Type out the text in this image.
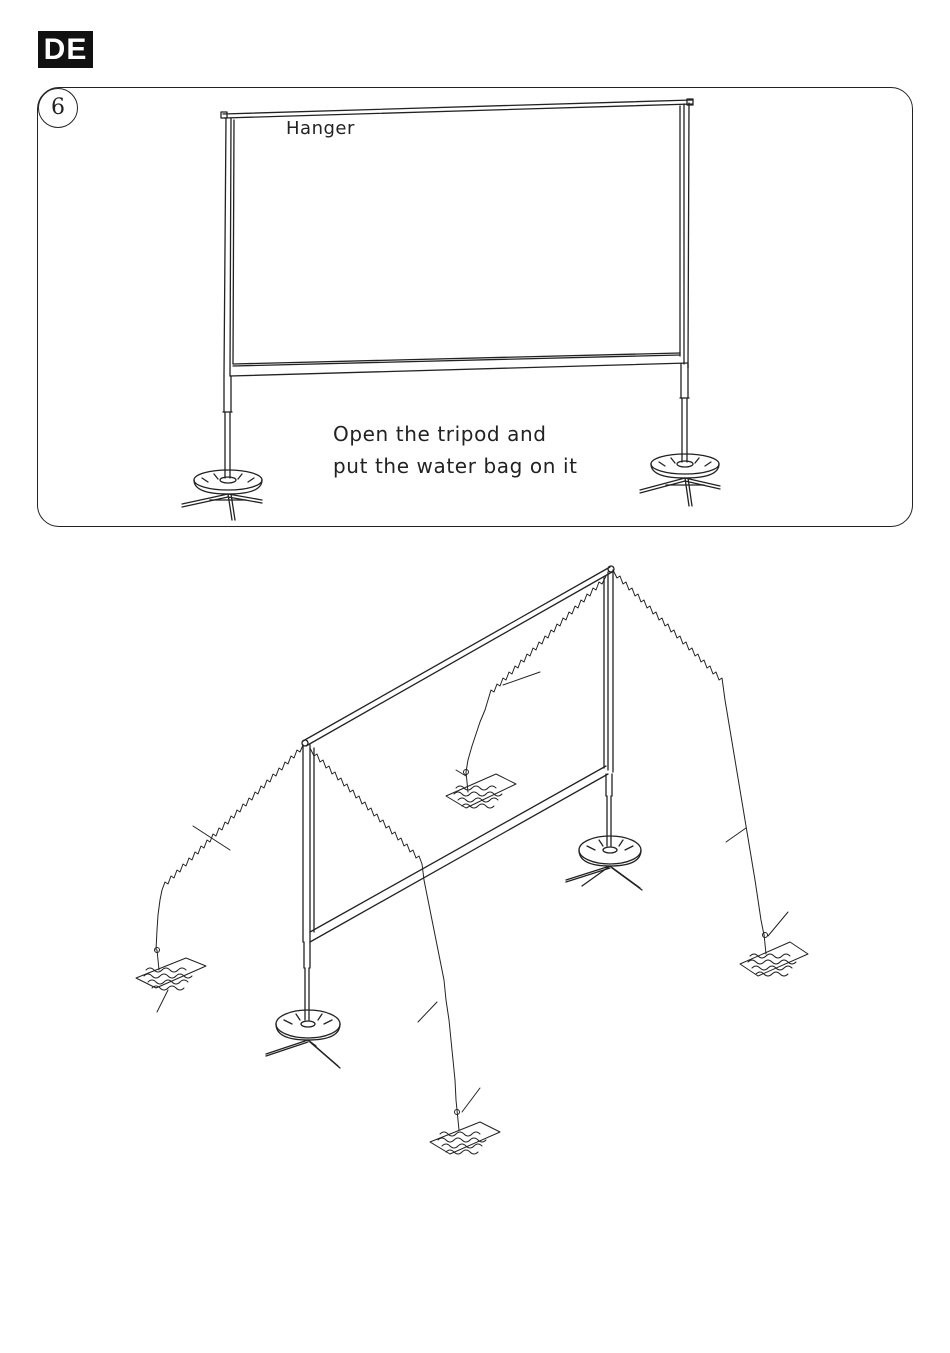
DE
6
Hanger
Open the tripod and
put the water bag on it
